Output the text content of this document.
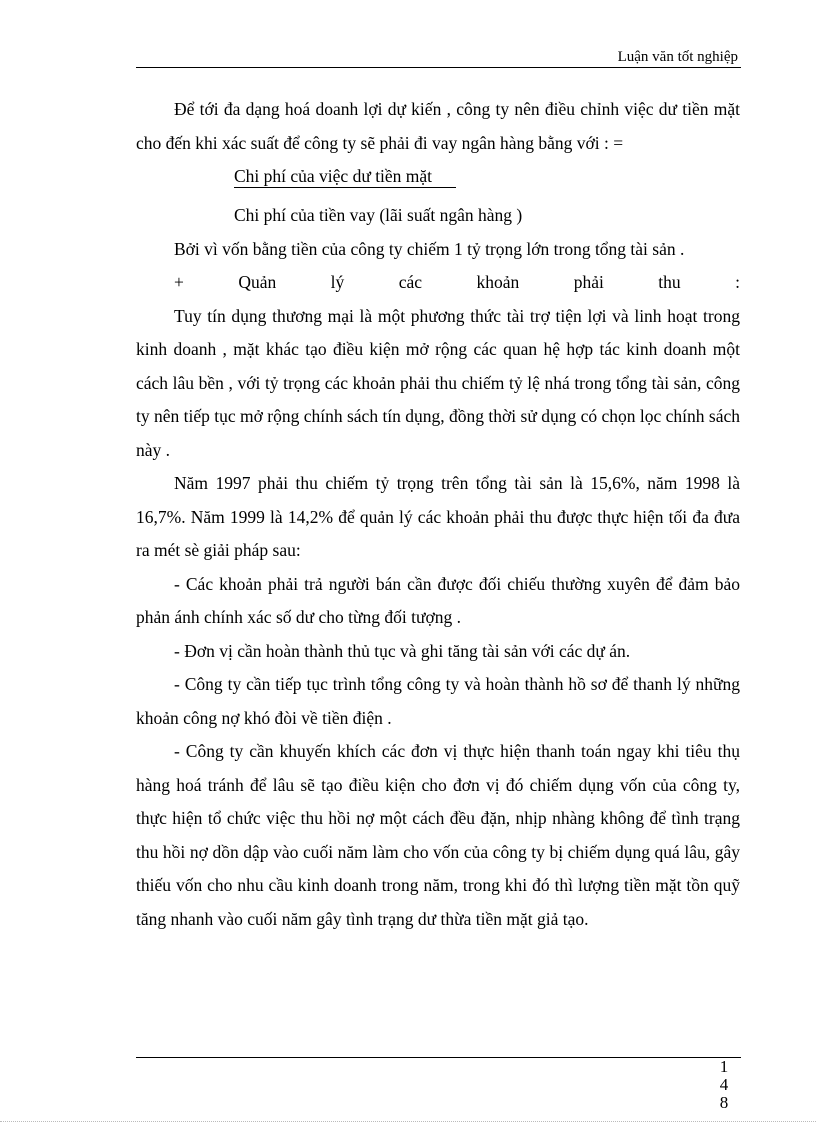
Luận văn tốt nghiệp

Để tới đa dạng hoá doanh lợi dự kiến , công ty nên điều chỉnh việc dư tiền mặt cho đến khi xác suất để công ty sẽ phải đi vay ngân hàng bằng với : =

Chi phí của việc dư tiền mặt
Chi phí của tiền vay (lãi suất ngân hàng )

Bởi vì vốn bằng tiền của công ty chiếm 1 tỷ trọng lớn trong tổng tài sản .

+	Quản	lý	các	khoản	phải	thu	:

Tuy tín dụng thương mại là một phương thức tài trợ tiện lợi và linh hoạt trong kinh doanh , mặt khác tạo điều kiện mở rộng các quan hệ hợp tác kinh doanh một cách lâu bền , với tỷ trọng các khoản phải thu chiếm tỷ lệ nhá trong tổng tài sản, công ty nên tiếp tục mở rộng chính sách tín dụng, đồng thời sử dụng có chọn lọc chính sách này .

Năm 1997 phải thu chiếm tỷ trọng trên tổng tài sản là 15,6%, năm 1998 là 16,7%. Năm 1999 là 14,2% để quản lý các khoản phải thu được thực hiện tối đa đưa ra mét sè giải pháp sau:

- Các khoản phải trả người bán cần được đối chiếu thường xuyên để đảm bảo phản ánh chính xác số dư cho từng đối tượng .

- Đơn vị cần hoàn thành thủ tục và ghi tăng tài sản với các dự án.

- Công ty cần tiếp tục trình tổng công ty và hoàn thành hồ sơ để thanh lý những khoản công nợ khó đòi về tiền điện .

- Công ty cần khuyến khích các đơn vị thực hiện thanh toán ngay khi tiêu thụ hàng hoá tránh để lâu sẽ tạo điều kiện cho đơn vị đó chiếm dụng vốn của công ty, thực hiện tổ chức việc thu hồi nợ một cách đều đặn, nhịp nhàng không để tình trạng thu hồi nợ dồn dập vào cuối năm làm cho vốn của công ty bị chiếm dụng quá lâu, gây thiếu vốn cho nhu cầu kinh doanh trong năm, trong khi đó thì lượng tiền mặt tồn quỹ tăng nhanh vào cuối năm gây tình trạng dư thừa tiền mặt giả tạo.

1
4
8
